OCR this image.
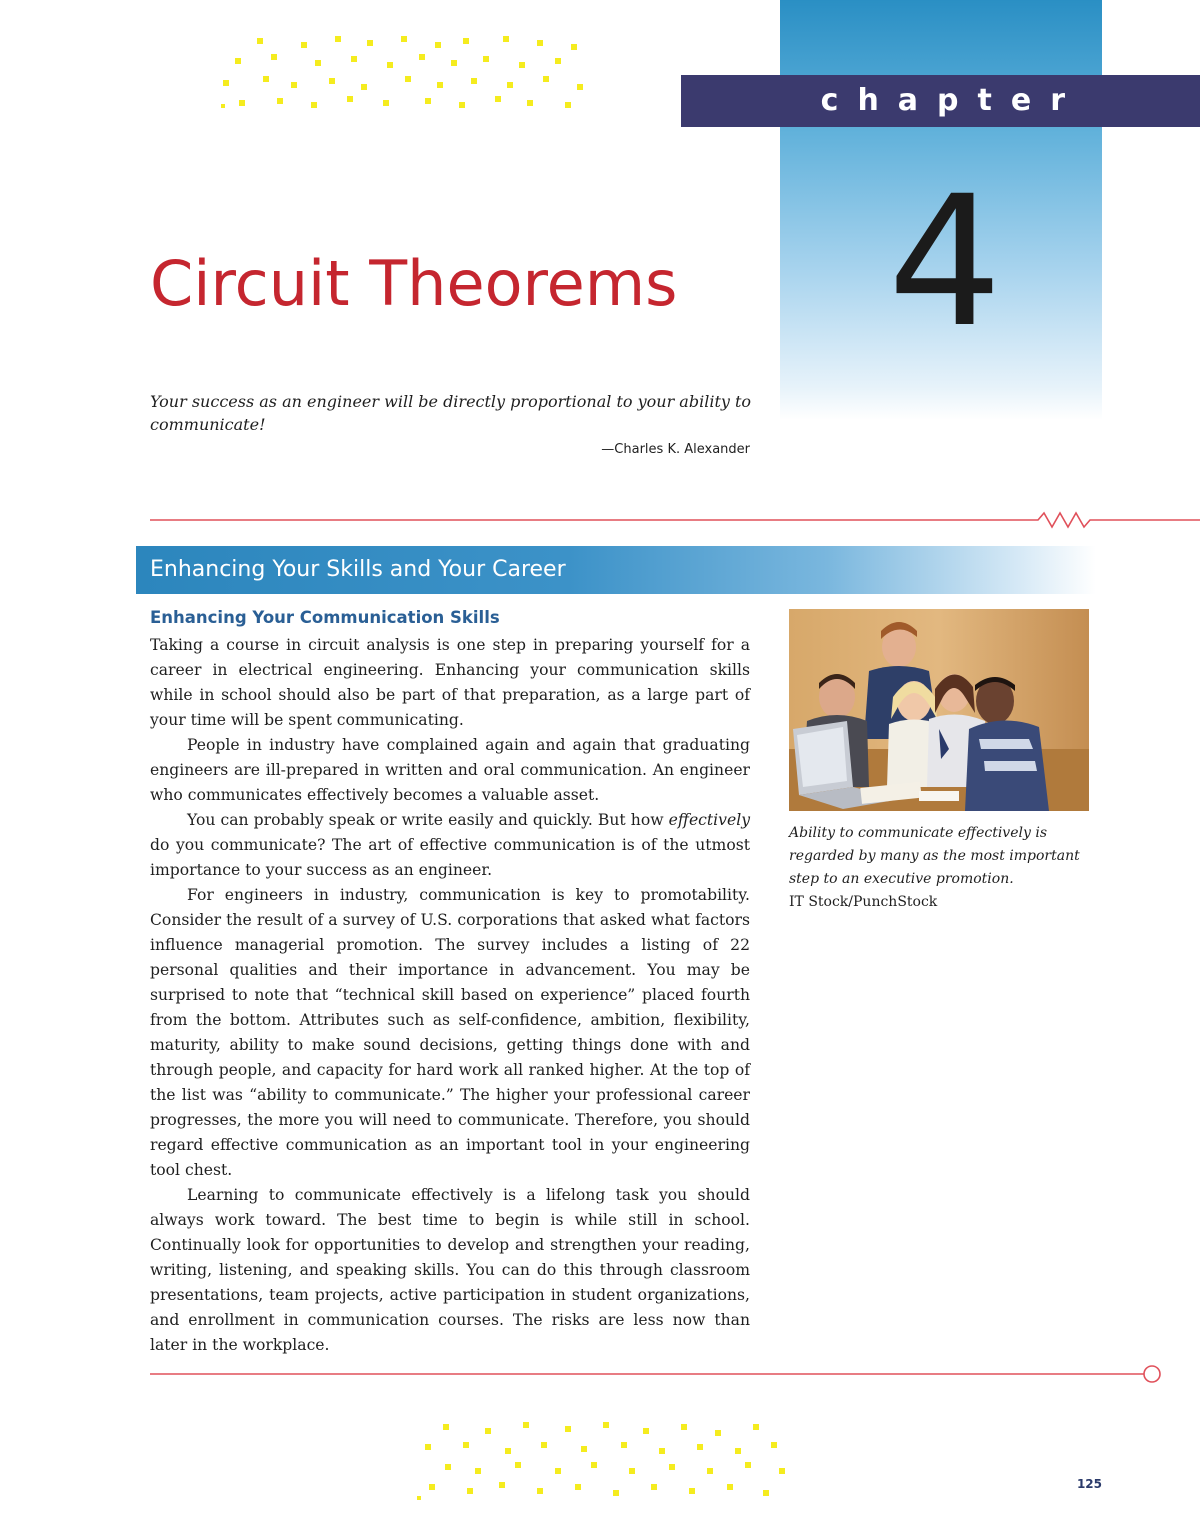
chapter
4
Circuit Theorems
Your success as an engineer will be directly proportional to your ability to communicate!
—Charles K. Alexander
Enhancing Your Skills and Your Career
Enhancing Your Communication Skills

Taking a course in circuit analysis is one step in preparing yourself for a career in electrical engineering. Enhancing your communication skills while in school should also be part of that preparation, as a large part of your time will be spent communicating.

People in industry have complained again and again that graduating engineers are ill-prepared in written and oral communication. An engineer who communicates effectively becomes a valuable asset.

You can probably speak or write easily and quickly. But how effectively do you communicate? The art of effective communication is of the utmost importance to your success as an engineer.

For engineers in industry, communication is key to promotability. Consider the result of a survey of U.S. corporations that asked what factors influence managerial promotion. The survey includes a listing of 22 personal qualities and their importance in advancement. You may be surprised to note that “technical skill based on experience” placed fourth from the bottom. Attributes such as self-confidence, ambition, flexibility, maturity, ability to make sound decisions, getting things done with and through people, and capacity for hard work all ranked higher. At the top of the list was “ability to communicate.” The higher your professional career progresses, the more you will need to communicate. Therefore, you should regard effective communication as an important tool in your engineering tool chest.

Learning to communicate effectively is a lifelong task you should always work toward. The best time to begin is while still in school. Continually look for opportunities to develop and strengthen your reading, writing, listening, and speaking skills. You can do this through classroom presentations, team projects, active participation in student organizations, and enrollment in communication courses. The risks are less now than later in the workplace.

Ability to communicate effectively is regarded by many as the most important step to an executive promotion.
IT Stock/PunchStock
125
